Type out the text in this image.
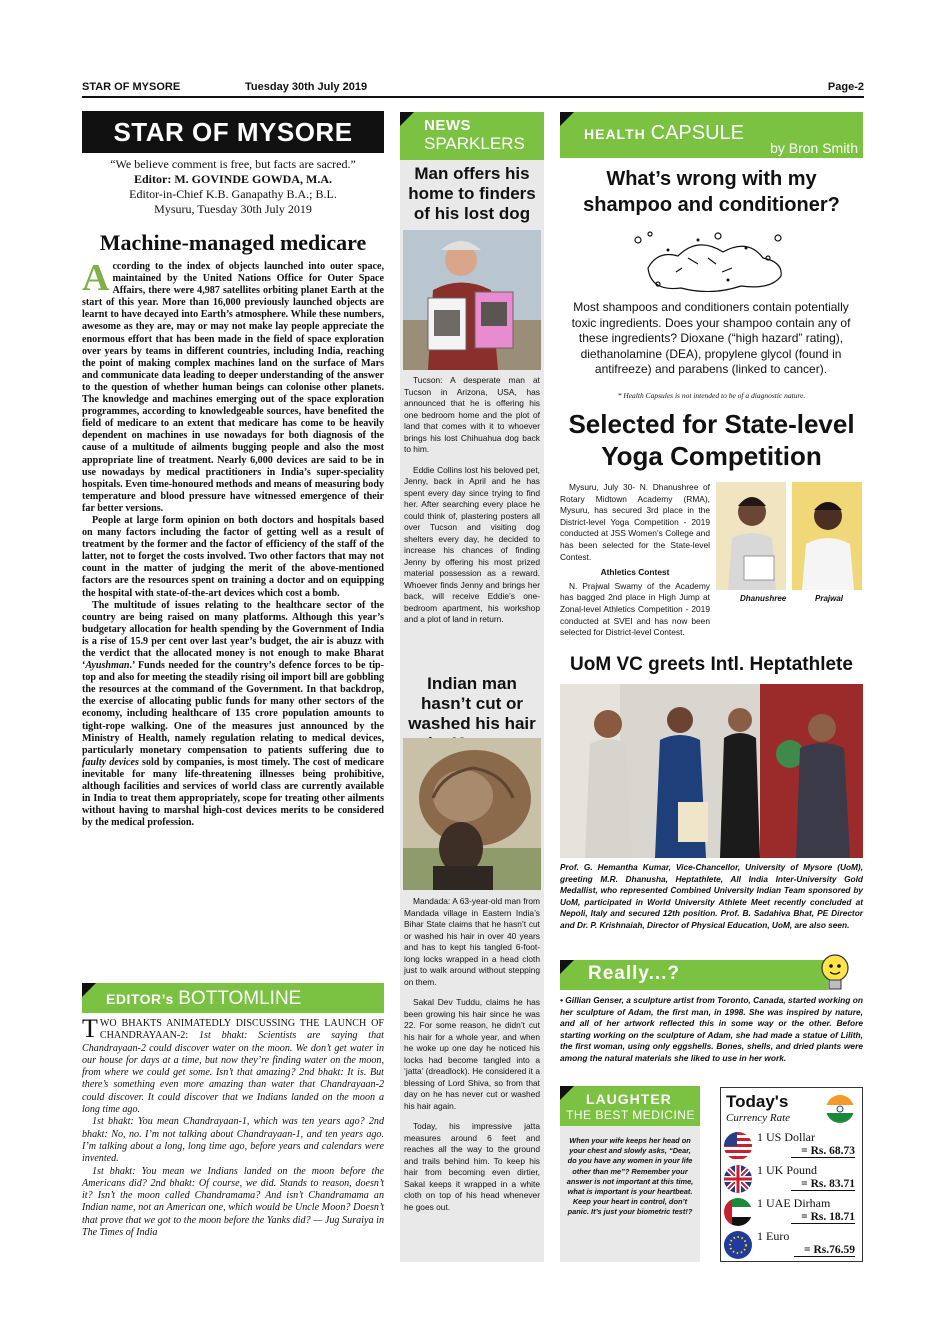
STAR OF MYSORE	Tuesday 30th July 2019	Page-2
STAR OF MYSORE
“We believe comment is free, but facts are sacred.”
Editor: M. GOVINDE GOWDA, M.A.
Editor-in-Chief K.B. Ganapathy B.A.; B.L.
Mysuru, Tuesday 30th July 2019
Machine-managed medicare

According to the index of objects launched into outer space, maintained by the United Nations Office for Outer Space Affairs, there were 4,987 satellites orbiting planet Earth at the start of this year. More than 16,000 previously launched objects are learnt to have decayed into Earth’s atmosphere. While these numbers, awesome as they are, may or may not make lay people appreciate the enormous effort that has been made in the field of space exploration over years by teams in different countries, including India, reaching the point of making complex machines land on the surface of Mars and communicate data leading to deeper understanding of the answer to the question of whether human beings can colonise other planets. The knowledge and machines emerging out of the space exploration programmes, according to knowledgeable sources, have benefited the field of medicare to an extent that medicare has come to be heavily dependent on machines in use nowadays for both diagnosis of the cause of a multitude of ailments bugging people and also the most appropriate line of treatment. Nearly 6,000 devices are said to be in use nowadays by medical practitioners in India’s super-speciality hospitals. Even time-honoured methods and means of measuring body temperature and blood pressure have witnessed emergence of their far better versions.

People at large form opinion on both doctors and hospitals based on many factors including the factor of getting well as a result of treatment by the former and the factor of efficiency of the staff of the latter, not to forget the costs involved. Two other factors that may not count in the matter of judging the merit of the above-mentioned factors are the resources spent on training a doctor and on equipping the hospital with state-of-the-art devices which cost a bomb.

The multitude of issues relating to the healthcare sector of the country are being raised on many platforms. Although this year’s budgetary allocation for health spending by the Government of India is a rise of 15.9 per cent over last year’s budget, the air is abuzz with the verdict that the allocated money is not enough to make Bharat ‘Ayushman.’ Funds needed for the country’s defence forces to be tip-top and also for meeting the steadily rising oil import bill are gobbling the resources at the command of the Government. In that backdrop, the exercise of allocating public funds for many other sectors of the economy, including healthcare of 135 crore population amounts to tight-rope walking. One of the measures just announced by the Ministry of Health, namely regulation relating to medical devices, particularly monetary compensation to patients suffering due to faulty devices sold by companies, is most timely. The cost of medicare inevitable for many life-threatening illnesses being prohibitive, although facilities and services of world class are currently available in India to treat them appropriately, scope for treating other ailments without having to marshal high-cost devices merits to be considered by the medical profession.

EDITOR’s BOTTOMLINE

TWO BHAKTS ANIMATEDLY DISCUSSING THE LAUNCH OF CHANDRAYAAN-2: 1st bhakt: Scientists are saying that Chandrayaan-2 could discover water on the moon. We don’t get water in our house for days at a time, but now they’re finding water on the moon, from where we could get some. Isn’t that amazing? 2nd bhakt: It is. But there’s something even more amazing than water that Chandrayaan-2 could discover. It could discover that we Indians landed on the moon a long time ago.

1st bhakt: You mean Chandrayaan-1, which was ten years ago? 2nd bhakt: No, no. I’m not talking about Chandrayaan-1, and ten years ago. I’m talking about a long, long time ago, before years and calendars were invented.

1st bhakt: You mean we Indians landed on the moon before the Americans did? 2nd bhakt: Of course, we did. Stands to reason, doesn’t it? Isn’t the moon called Chandramama? And isn’t Chandramama an Indian name, not an American one, which would be Uncle Moon? Doesn’t that prove that we got to the moon before the Yanks did? — Jug Suraiya in The Times of India

NEWS
SPARKLERS
Man offers his home to finders of his lost dog

Tucson: A desperate man at Tucson in Arizona, USA, has announced that he is offering his one bedroom home and the plot of land that comes with it to whoever brings his lost Chihuahua dog back to him.

Eddie Collins lost his beloved pet, Jenny, back in April and he has spent every day since trying to find her. After searching every place he could think of, plastering posters all over Tucson and visiting dog shelters every day, he decided to increase his chances of finding Jenny by offering his most prized material possession as a reward. Whoever finds Jenny and brings her back, will receive Eddie’s one-bedroom apartment, his workshop and a plot of land in return.

Indian man hasn’t cut or washed his hair

Mandada: A 63-year-old man from Mandada village in Eastern India’s Bihar State claims that he hasn’t cut or washed his hair in over 40 years and has to kept his tangled 6-foot-long locks wrapped in a head cloth just to walk around without stepping on them.

Sakal Dev Tuddu, claims he has been growing his hair since he was 22. For some reason, he didn’t cut his hair for a whole year, and when he woke up one day he noticed his locks had become tangled into a ‘jatta’ (dreadlock). He considered it a blessing of Lord Shiva, so from that day on he has never cut or washed his hair again.

Today, his impressive jatta measures around 6 feet and reaches all the way to the ground and trails behind him. To keep his hair from becoming even dirtier, Sakal keeps it wrapped in a white cloth on top of his head whenever he goes out.

HEALTH CAPSULE
by Bron Smith
What’s wrong with my shampoo and conditioner?
Most shampoos and conditioners contain potentially toxic ingredients. Does your shampoo contain any of these ingredients? Dioxane (“high hazard” rating), diethanolamine (DEA), propylene glycol (found in antifreeze) and parabens (linked to cancer).
* Health Capsules is not intended to be of a diagnostic nature.
Selected for State-level Yoga Competition

Mysuru, July 30- N. Dhanushree of Rotary Midtown Academy (RMA), Mysuru, has secured 3rd place in the District-level Yoga Competition - 2019 conducted at JSS Women’s College and has been selected for the State-level Contest.

Athletics Contest

N. Prajwal Swamy of the Academy has bagged 2nd place in High Jump at Zonal-level Athletics Competition - 2019 conducted at SVEI and has now been selected for District-level Contest.

Dhanushree	Prajwal
UoM VC greets Intl. Heptathlete
Prof. G. Hemantha Kumar, Vice-Chancellor, University of Mysore (UoM), greeting M.R. Dhanusha, Heptathlete, All India Inter-University Gold Medallist, who represented Combined University Indian Team sponsored by UoM, participated in World University Athlete Meet recently concluded at Nepoli, Italy and secured 12th position. Prof. B. Sadahiva Bhat, PE Director and Dr. P. Krishnaiah, Director of Physical Education, UoM, are also seen.
Really...?
• Gillian Genser, a sculpture artist from Toronto, Canada, started working on her sculpture of Adam, the first man, in 1998. She was inspired by nature, and all of her artwork reflected this in some way or the other. Before starting working on the sculpture of Adam, she had made a statue of Lilith, the first woman, using only eggshells. Bones, shells, and dried plants were among the natural materials she liked to use in her work.
LAUGHTER
THE BEST MEDICINE
When your wife keeps her head on your chest and slowly asks, “Dear, do you have any women in your life other than me”? Remember your answer is not important at this time, what is important is your heartbeat. Keep your heart in control, don’t panic. It’s just your biometric test!?
Today's
Currency Rate
1 US Dollar
= Rs. 68.73
1 UK Pound
= Rs. 83.71
1 UAE Dirham
= Rs. 18.71
1 Euro
= Rs.76.59
